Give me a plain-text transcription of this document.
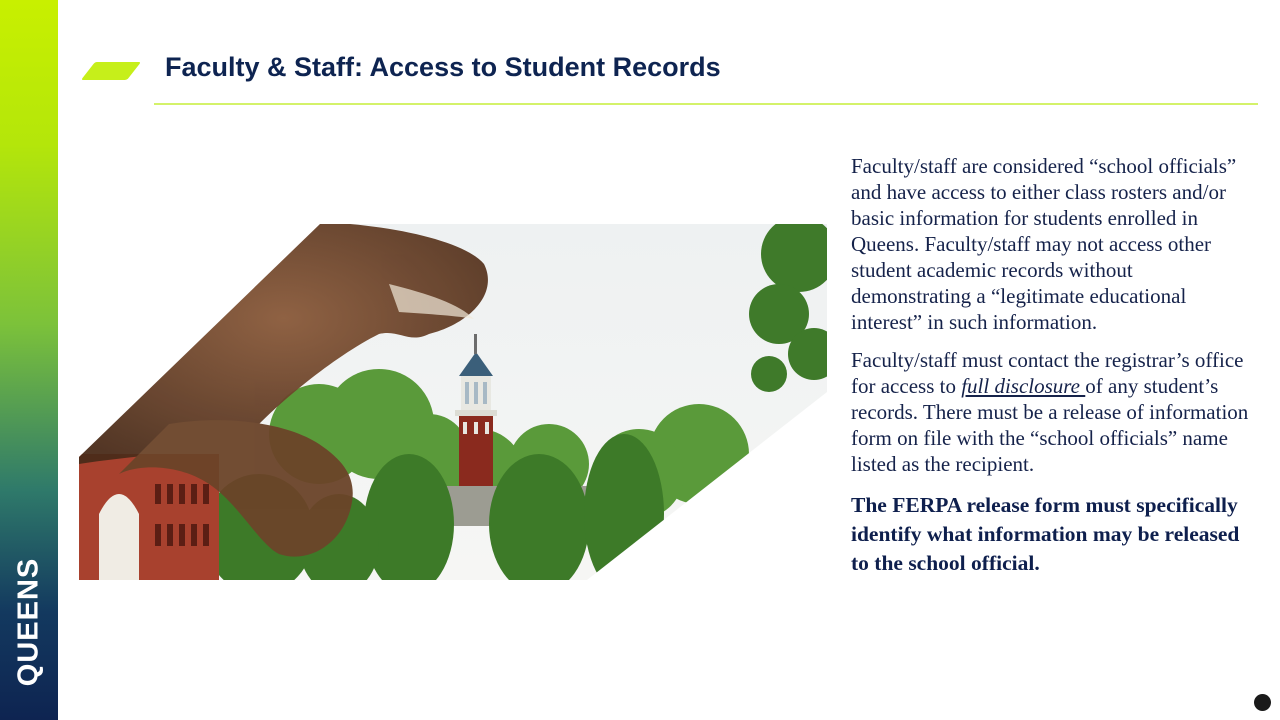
QUEENS
Faculty & Staff: Access to Student Records

Faculty/staff are considered “school officials” and have access to either class rosters and/or basic information for students enrolled in Queens. Faculty/staff may not access other student academic records without demonstrating a “legitimate educational interest” in such information.

Faculty/staff must contact the registrar’s office for access to full disclosure of any student’s records. There must be a release of information form on file with the “school officials” name listed as the recipient.

The FERPA release form must specifically identify what information may be released to the school official.
